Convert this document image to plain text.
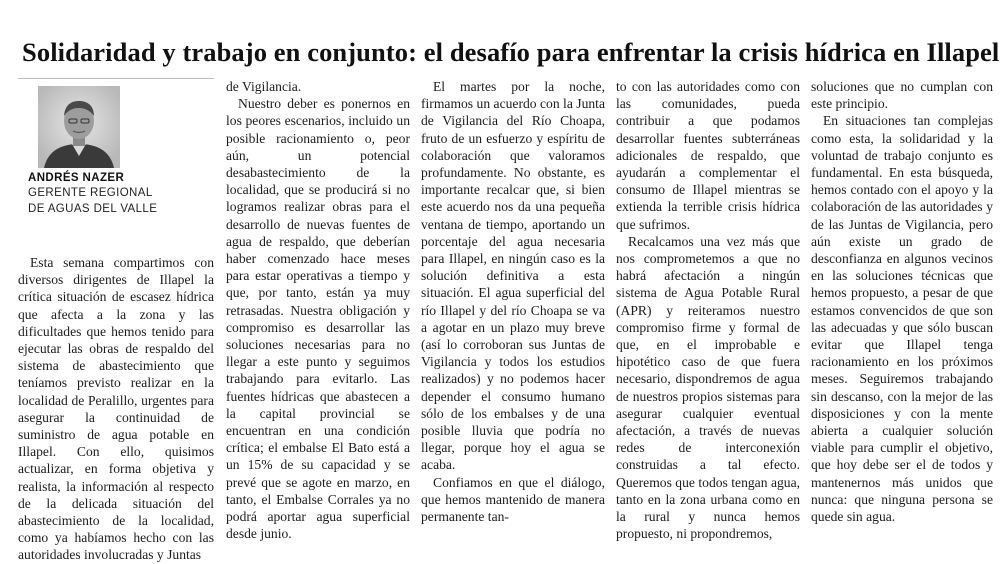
Solidaridad y trabajo en conjunto: el desafío para enfrentar la crisis hídrica en Illapel
ANDRÉS NAZER
GERENTE REGIONAL
DE AGUAS DEL VALLE

Esta semana compartimos con diversos dirigentes de Illapel la crítica situación de escasez hídrica que afecta a la zona y las dificultades que hemos tenido para ejecutar las obras de respaldo del sistema de abastecimiento que teníamos previsto realizar en la localidad de Peralillo, urgentes para asegurar la continuidad de suministro de agua potable en Illapel. Con ello, quisimos actualizar, en forma objetiva y realista, la información al respecto de la delicada situación del abastecimiento de la localidad, como ya habíamos hecho con las autoridades involucradas y Juntas

de Vigilancia.

Nuestro deber es ponernos en los peores escenarios, incluido un posible racionamiento o, peor aún, un potencial desabastecimiento de la localidad, que se producirá si no logramos realizar obras para el desarrollo de nuevas fuentes de agua de respaldo, que deberían haber comenzado hace meses para estar operativas a tiempo y que, por tanto, están ya muy retrasadas. Nuestra obligación y compromiso es desarrollar las soluciones necesarias para no llegar a este punto y seguimos trabajando para evitarlo. Las fuentes hídricas que abastecen a la capital provincial se encuentran en una condición crítica; el embalse El Bato está a un 15% de su capacidad y se prevé que se agote en marzo, en tanto, el Embalse Corrales ya no podrá aportar agua superficial desde junio.

El martes por la noche, firmamos un acuerdo con la Junta de Vigilancia del Río Choapa, fruto de un esfuerzo y espíritu de colaboración que valoramos profundamente. No obstante, es importante recalcar que, si bien este acuerdo nos da una pequeña ventana de tiempo, aportando un porcentaje del agua necesaria para Illapel, en ningún caso es la solución definitiva a esta situación. El agua superficial del río Illapel y del río Choapa se va a agotar en un plazo muy breve (así lo corroboran sus Juntas de Vigilancia y todos los estudios realizados) y no podemos hacer depender el consumo humano sólo de los embalses y de una posible lluvia que podría no llegar, porque hoy el agua se acaba.

Confiamos en que el diálogo, que hemos mantenido de manera permanente tan-

to con las autoridades como con las comunidades, pueda contribuir a que podamos desarrollar fuentes subterráneas adicionales de respaldo, que ayudarán a complementar el consumo de Illapel mientras se extienda la terrible crisis hídrica que sufrimos.

Recalcamos una vez más que nos comprometemos a que no habrá afectación a ningún sistema de Agua Potable Rural (APR) y reiteramos nuestro compromiso firme y formal de que, en el improbable e hipotético caso de que fuera necesario, dispondremos de agua de nuestros propios sistemas para asegurar cualquier eventual afectación, a través de nuevas redes de interconexión construidas a tal efecto. Queremos que todos tengan agua, tanto en la zona urbana como en la rural y nunca hemos propuesto, ni propondremos,

soluciones que no cumplan con este principio.

En situaciones tan complejas como esta, la solidaridad y la voluntad de trabajo conjunto es fundamental. En esta búsqueda, hemos contado con el apoyo y la colaboración de las autoridades y de las Juntas de Vigilancia, pero aún existe un grado de desconfianza en algunos vecinos en las soluciones técnicas que hemos propuesto, a pesar de que estamos convencidos de que son las adecuadas y que sólo buscan evitar que Illapel tenga racionamiento en los próximos meses. Seguiremos trabajando sin descanso, con la mejor de las disposiciones y con la mente abierta a cualquier solución viable para cumplir el objetivo, que hoy debe ser el de todos y mantenernos más unidos que nunca: que ninguna persona se quede sin agua.
